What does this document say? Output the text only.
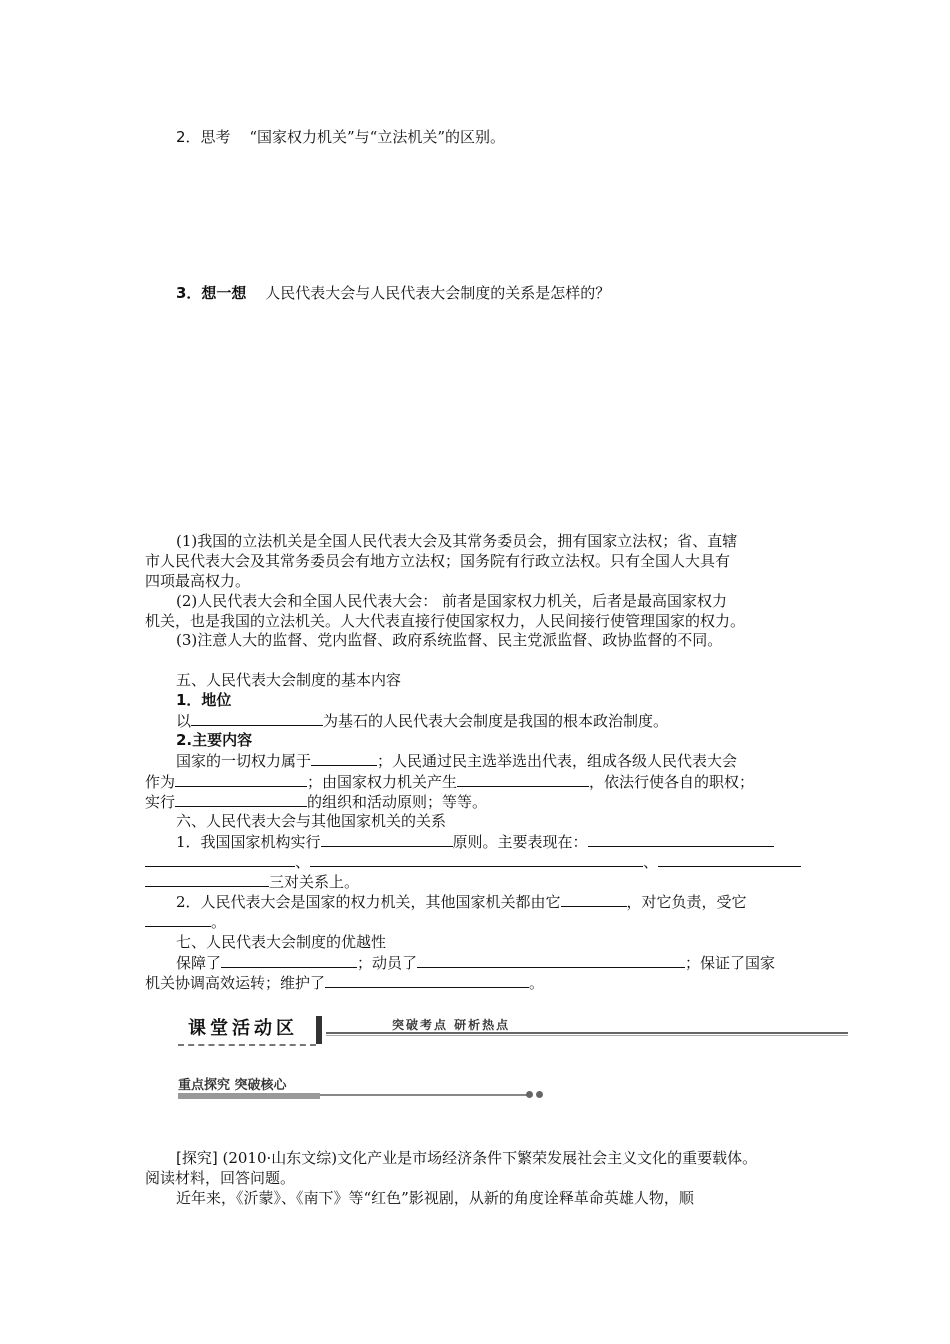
2．思考 “国家权力机关”与“立法机关”的区别。
3．想一想 人民代表大会与人民代表大会制度的关系是怎样的？
(1)我国的立法机关是全国人民代表大会及其常务委员会，拥有国家立法权；省、直辖
市人民代表大会及其常务委员会有地方立法权；国务院有行政立法权。只有全国人大具有
四项最高权力。
(2)人民代表大会和全国人民代表大会： 前者是国家权力机关，后者是最高国家权力
机关，也是我国的立法机关。人大代表直接行使国家权力，人民间接行使管理国家的权力。
(3)注意人大的监督、党内监督、政府系统监督、民主党派监督、政协监督的不同。
五、人民代表大会制度的基本内容
1．地位
以	为基石的人民代表大会制度是我国的根本政治制度。
2.主要内容
国家的一切权力属于	；人民通过民主选举选出代表，组成各级人民代表大会
作为	；由国家权力机关产生	，依法行使各自的职权；
实行	的组织和活动原则；等等。
六、人民代表大会与其他国家机关的关系
1．我国国家机构实行	原则。主要表现在：
、	、
三对关系上。
2．人民代表大会是国家的权力机关，其他国家机关都由它	，对它负责，受它
。
七、人民代表大会制度的优越性
保障了	；动员了	；保证了国家
机关协调高效运转；维护了	。
课堂活动区	突破考点 研析热点
重点探究 突破核心
[探究] (2010·山东文综)文化产业是市场经济条件下繁荣发展社会主义文化的重要载体。
阅读材料，回答问题。
近年来，《沂蒙》、《南下》等“红色”影视剧，从新的角度诠释革命英雄人物，顺
